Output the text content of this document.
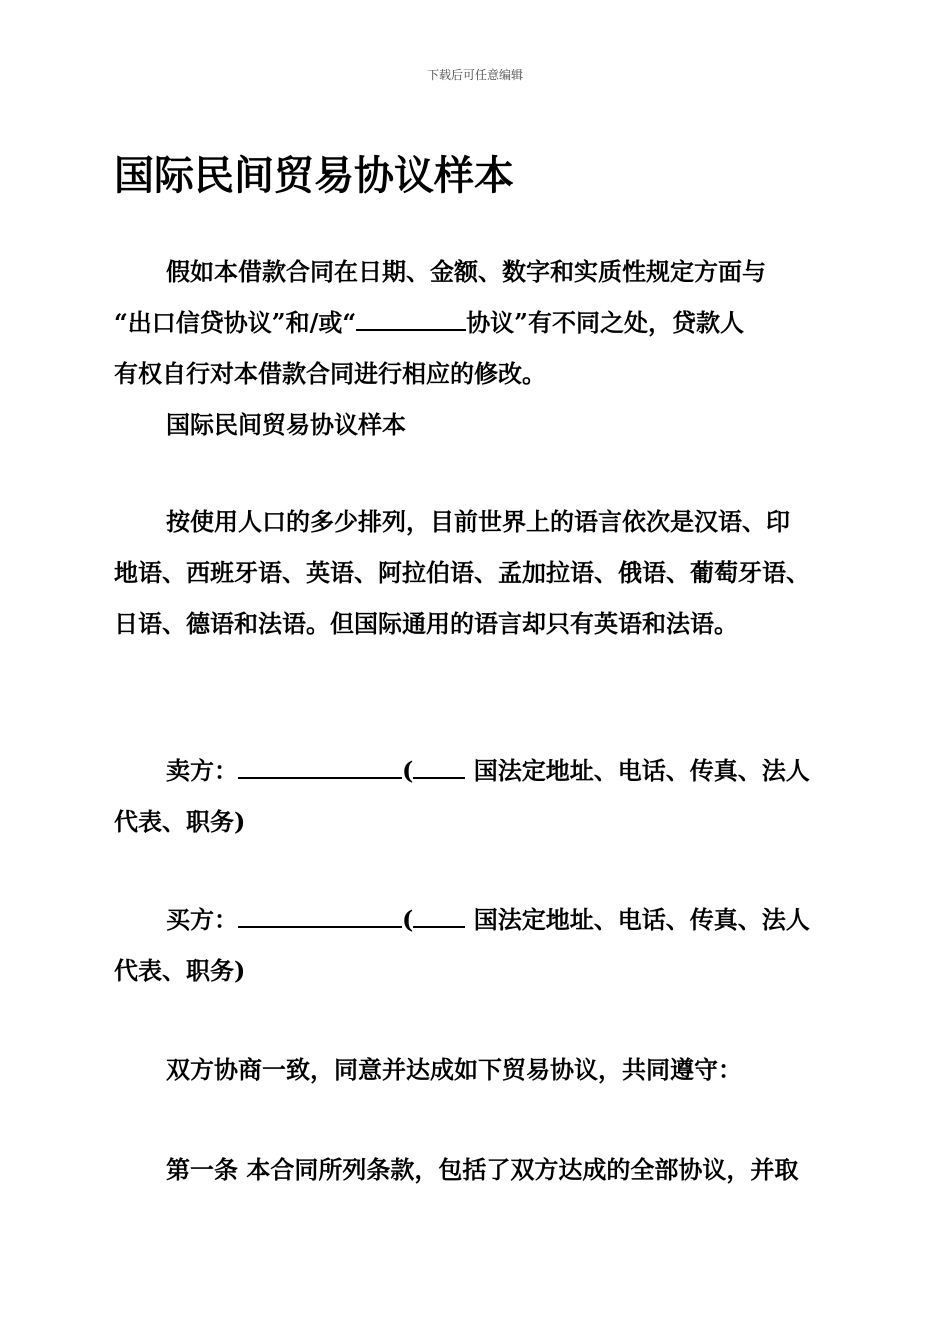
下载后可任意编辑
国际民间贸易协议样本
假如本借款合同在日期、金额、数字和实质性规定方面与
“出口信贷协议”和/或“	协议”有不同之处，贷款人
有权自行对本借款合同进行相应的修改。
国际民间贸易协议样本
按使用人口的多少排列，目前世界上的语言依次是汉语、印
地语、西班牙语、英语、阿拉伯语、孟加拉语、俄语、葡萄牙语、
日语、德语和法语。但国际通用的语言却只有英语和法语。
卖方：	( 国法定地址、电话、传真、法人
代表、职务)
买方：	( 国法定地址、电话、传真、法人
代表、职务)
双方协商一致，同意并达成如下贸易协议，共同遵守：
第一条 本合同所列条款，包括了双方达成的全部协议，并取
